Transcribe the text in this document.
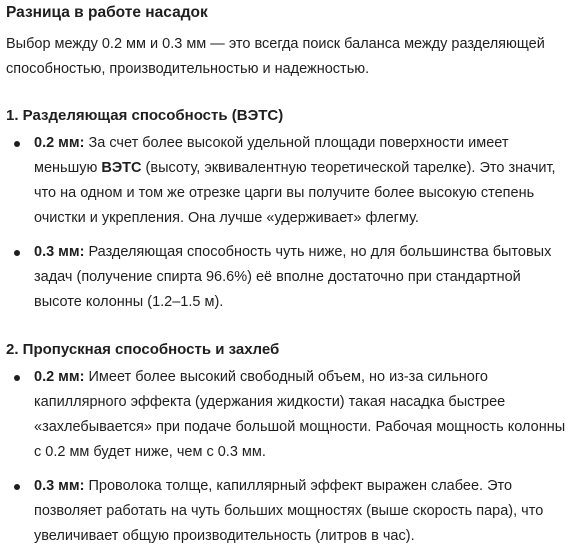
Разница в работе насадок

Выбор между 0.2 мм и 0.3 мм — это всегда поиск баланса между разделяющей способностью, производительностью и надежностью.

1. Разделяющая способность (ВЭТС)
0.2 мм: За счет более высокой удельной площади поверхности имеет меньшую ВЭТС (высоту, эквивалентную теоретической тарелке). Это значит, что на одном и том же отрезке царги вы получите более высокую степень очистки и укрепления. Она лучше «удерживает» флегму.
0.3 мм: Разделяющая способность чуть ниже, но для большинства бытовых задач (получение спирта 96.6%) её вполне достаточно при стандартной высоте колонны (1.2–1.5 м).
2. Пропускная способность и захлеб
0.2 мм: Имеет более высокий свободный объем, но из-за сильного капиллярного эффекта (удержания жидкости) такая насадка быстрее «захлебывается» при подаче большой мощности. Рабочая мощность колонны с 0.2 мм будет ниже, чем с 0.3 мм.
0.3 мм: Проволока толще, капиллярный эффект выражен слабее. Это позволяет работать на чуть больших мощностях (выше скорость пара), что увеличивает общую производительность (литров в час).
